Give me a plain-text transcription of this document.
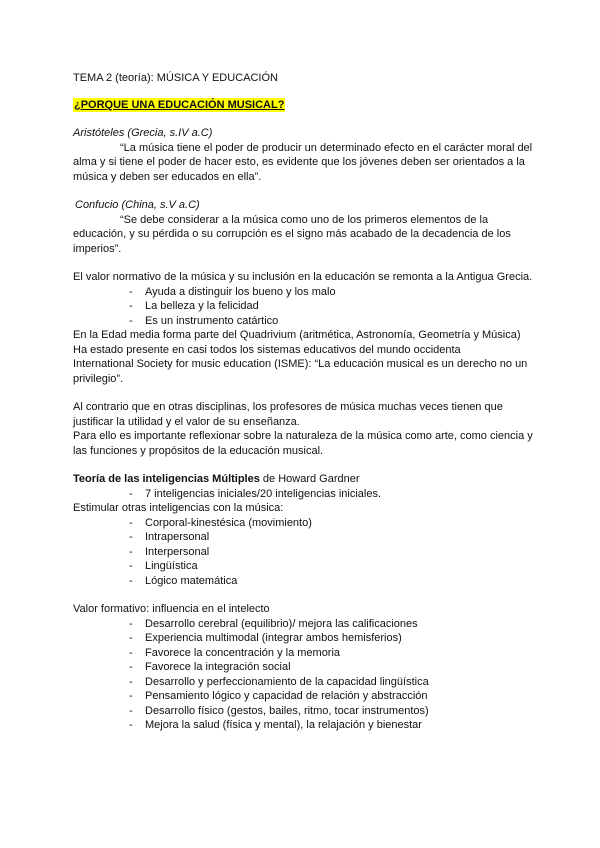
TEMA 2 (teoría): MÚSICA Y EDUCACIÓN

¿PORQUE UNA EDUCACIÓN MUSICAL?

Aristóteles (Grecia, s.IV a.C)

“La música tiene el poder de producir un determinado efecto en el carácter moral del alma y si tiene el poder de hacer esto, es evidente que los jóvenes deben ser orientados a la música y deben ser educados en ella”.

Confucio (China, s.V a.C)

“Se debe considerar a la música como uno de los primeros elementos de la educación, y su pérdida o su corrupción es el signo más acabado de la decadencia de los imperios”.

El valor normativo de la música y su inclusión en la educación se remonta a la Antigua Grecia.

- Ayuda a distinguir los bueno y los malo
- La belleza y la felicidad
- Es un instrumento catártico

En la Edad media forma parte del Quadrivium (aritmética, Astronomía, Geometría y Música)

Ha estado presente en casi todos los sistemas educativos del mundo occidenta

International Society for music education (ISME): “La educación musical es un derecho no un privilegio”.

Al contrario que en otras disciplinas, los profesores de música muchas veces tienen que justificar la utilidad y el valor de su enseñanza.

Para ello es importante reflexionar sobre la naturaleza de la música como arte, como ciencia y las funciones y propósitos de la educación musical.

Teoría de las inteligencias Múltiples de Howard Gardner

- 7 inteligencias iniciales/20 inteligencias iniciales.

Estimular otras inteligencias con la música:

- Corporal-kinestésica (movimiento)
- Intrapersonal
- Interpersonal
- Lingüística
- Lógico matemática

Valor formativo: influencia en el intelecto

- Desarrollo cerebral (equilibrio)/ mejora las calificaciones
- Experiencia multimodal (integrar ambos hemisferios)
- Favorece la concentración y la memoria
- Favorece la integración social
- Desarrollo y perfeccionamiento de la capacidad lingüística
- Pensamiento lógico y capacidad de relación y abstracción
- Desarrollo físico (gestos, bailes, ritmo, tocar instrumentos)
- Mejora la salud (física y mental), la relajación y bienestar
